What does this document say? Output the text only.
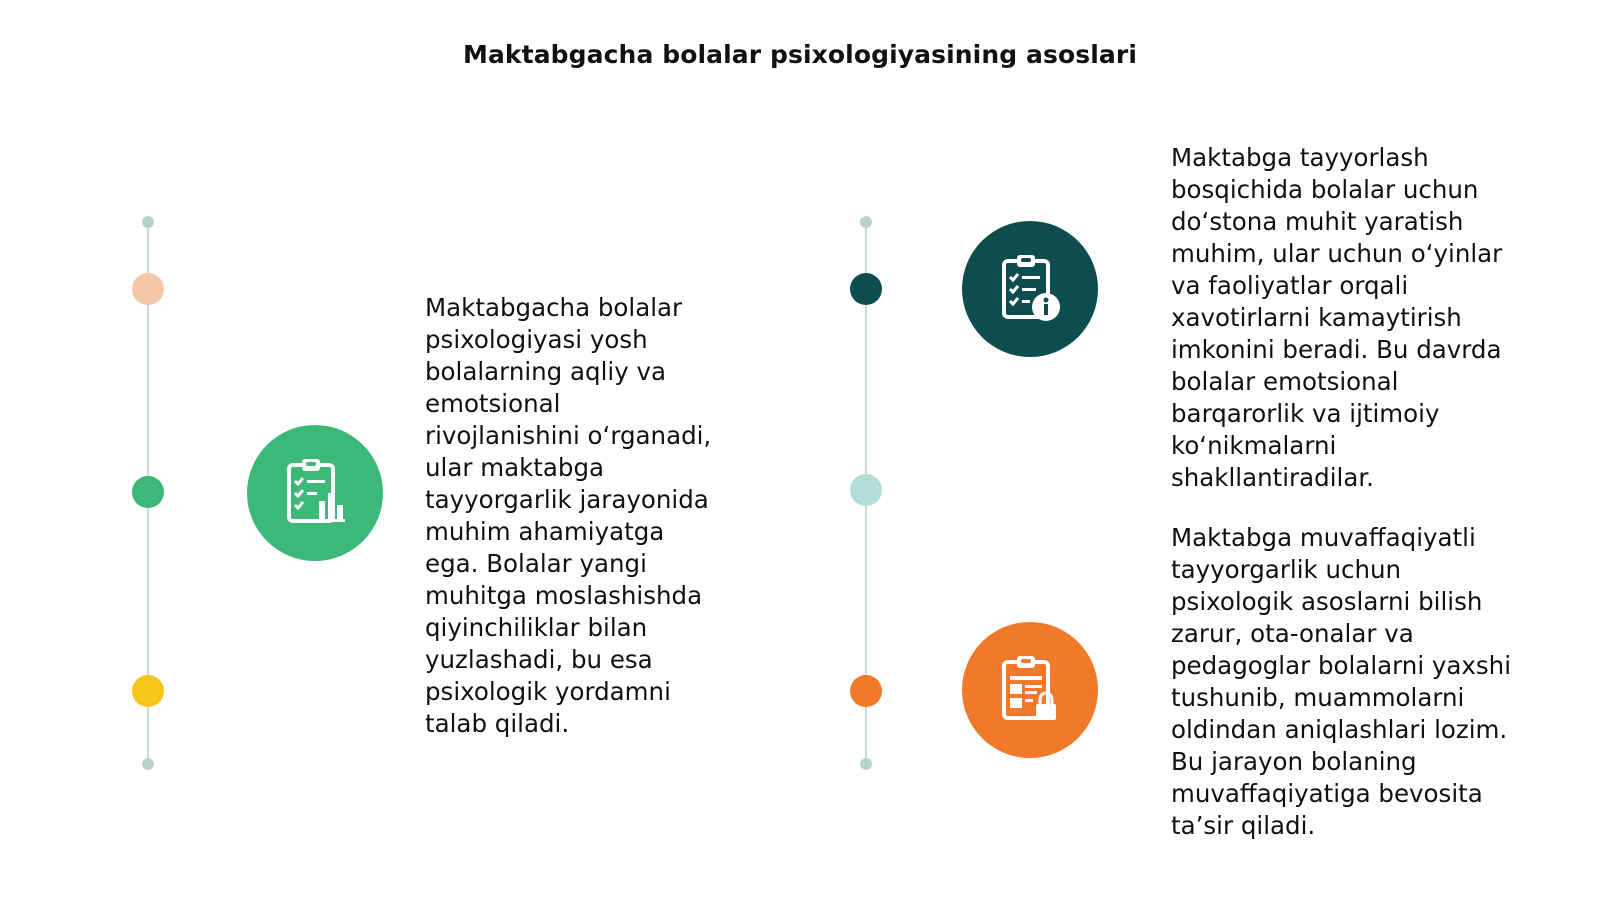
Maktabgacha bolalar psixologiyasining asoslari
Maktabgacha bolalar
psixologiyasi yosh
bolalarning aqliy va
emotsional
rivojlanishini o‘rganadi,
ular maktabga
tayyorgarlik jarayonida
muhim ahamiyatga
ega. Bolalar yangi
muhitga moslashishda
qiyinchiliklar bilan
yuzlashadi, bu esa
psixologik yordamni
talab qiladi.
Maktabga tayyorlash
bosqichida bolalar uchun
do‘stona muhit yaratish
muhim, ular uchun o‘yinlar
va faoliyatlar orqali
xavotirlarni kamaytirish
imkonini beradi. Bu davrda
bolalar emotsional
barqarorlik va ijtimoiy
ko‘nikmalarni
shakllantiradilar.
Maktabga muvaffaqiyatli
tayyorgarlik uchun
psixologik asoslarni bilish
zarur, ota-onalar va
pedagoglar bolalarni yaxshi
tushunib, muammolarni
oldindan aniqlashlari lozim.
Bu jarayon bolaning
muvaffaqiyatiga bevosita
ta’sir qiladi.
